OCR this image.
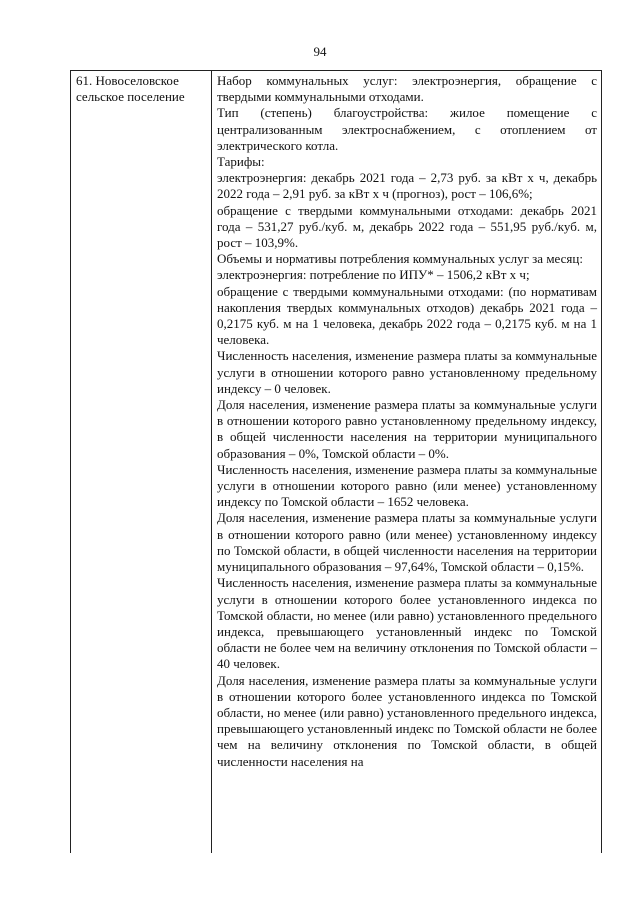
94
61. Новоселовское сельское поселение

Набор коммунальных услуг: электроэнергия, обращение с твердыми коммунальными отходами.

Тип (степень) благоустройства: жилое помещение с централизованным электроснабжением, с отоплением от электрического котла.

Тарифы:

электроэнергия: декабрь 2021 года – 2,73 руб. за кВт х ч, декабрь 2022 года – 2,91 руб. за кВт х ч (прогноз), рост – 106,6%;

обращение с твердыми коммунальными отходами: декабрь 2021 года – 531,27 руб./куб. м, декабрь 2022 года – 551,95 руб./куб. м, рост – 103,9%.

Объемы и нормативы потребления коммунальных услуг за месяц:

электроэнергия: потребление по ИПУ* – 1506,2 кВт х ч;

обращение с твердыми коммунальными отходами: (по нормативам накопления твердых коммунальных отходов) декабрь 2021 года – 0,2175 куб. м на 1 человека, декабрь 2022 года – 0,2175 куб. м на 1 человека.

Численность населения, изменение размера платы за коммунальные услуги в отношении которого равно установленному предельному индексу – 0 человек.

Доля населения, изменение размера платы за коммунальные услуги в отношении которого равно установленному предельному индексу, в общей численности населения на территории муниципального образования – 0%, Томской области – 0%.

Численность населения, изменение размера платы за коммунальные услуги в отношении которого равно (или менее) установленному индексу по Томской области – 1652 человека.

Доля населения, изменение размера платы за коммунальные услуги в отношении которого равно (или менее) установленному индексу по Томской области, в общей численности населения на территории муниципального образования – 97,64%, Томской области – 0,15%.

Численность населения, изменение размера платы за коммунальные услуги в отношении которого более установленного индекса по Томской области, но менее (или равно) установленного предельного индекса, превышающего установленный индекс по Томской области не более чем на величину отклонения по Томской области – 40 человек.

Доля населения, изменение размера платы за коммунальные услуги в отношении которого более установленного индекса по Томской области, но менее (или равно) установленного предельного индекса, превышающего установленный индекс по Томской области не более чем на величину отклонения по Томской области, в общей численности населения на
